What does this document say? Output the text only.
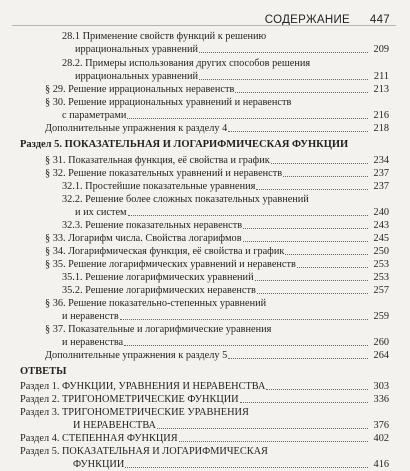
СОДЕРЖАНИЕ 447
28.1 Применение свойств функций к решению
иррациональных уравнений	209
28.2. Примеры использования других способов решения
иррациональных уравнений	211
§ 29. Решение иррациональных неравенств	213
§ 30. Решение иррациональных уравнений и неравенств
с параметрами	216
Дополнительные упражнения к разделу 4	218
Раздел 5. ПОКАЗАТЕЛЬНАЯ И ЛОГАРИФМИЧЕСКАЯ ФУНКЦИИ
§ 31. Показательная функция, её свойства и график	234
§ 32. Решение показательных уравнений и неравенств	237
32.1. Простейшие показательные уравнения	237
32.2. Решение более сложных показательных уравнений
и их систем	240
32.3. Решение показательных неравенств	243
§ 33. Логарифм числа. Свойства логарифмов	245
§ 34. Логарифмическая функция, её свойства и график	250
§ 35. Решение логарифмических уравнений и неравенств	253
35.1. Решение логарифмических уравнений	253
35.2. Решение логарифмических неравенств	257
§ 36. Решение показательно-степенных уравнений
и неравенств	259
§ 37. Показательные и логарифмические уравнения
и неравенства	260
Дополнительные упражнения к разделу 5	264
ОТВЕТЫ
Раздел 1. ФУНКЦИИ, УРАВНЕНИЯ И НЕРАВЕНСТВА	303
Раздел 2. ТРИГОНОМЕТРИЧЕСКИЕ ФУНКЦИИ	336
Раздел 3. ТРИГОНОМЕТРИЧЕСКИЕ УРАВНЕНИЯ
И НЕРАВЕНСТВА	376
Раздел 4. СТЕПЕННАЯ ФУНКЦИЯ	402
Раздел 5. ПОКАЗАТЕЛЬНАЯ И ЛОГАРИФМИЧЕСКАЯ
ФУНКЦИИ	416
